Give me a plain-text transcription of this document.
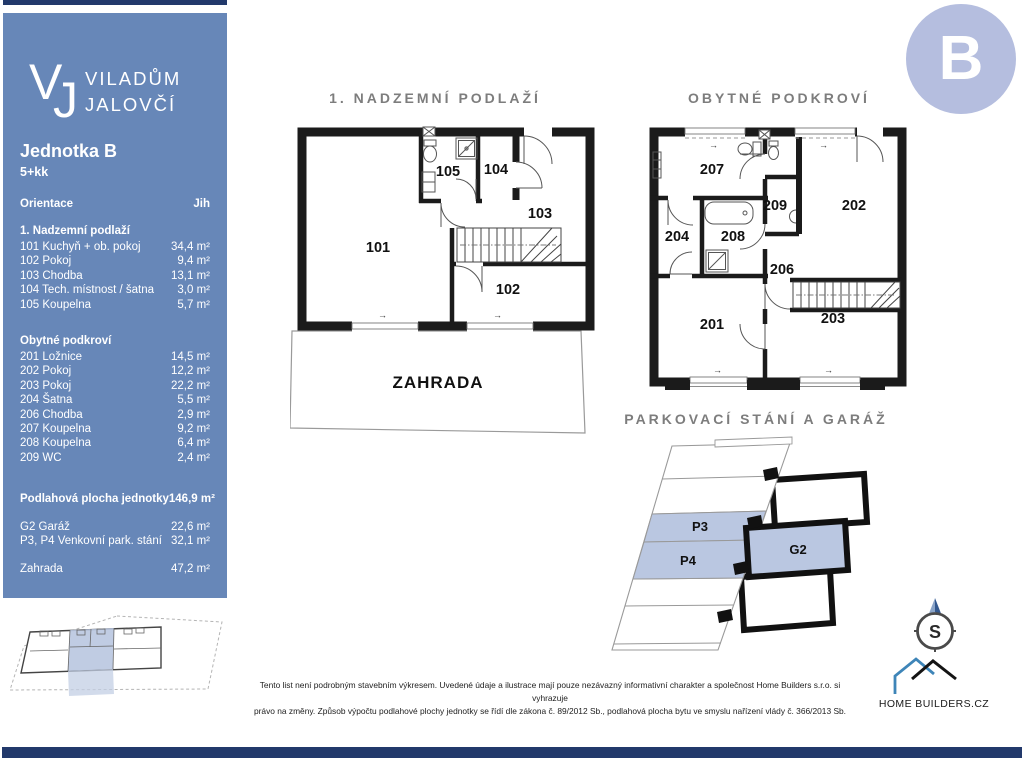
V
J VILADŮM
JALOVČÍ
Jednotka B
5+kk
Orientace	Jih
1. Nadzemní podlaží
101 Kuchyň + ob. pokoj	34,4 m²
102 Pokoj	9,4 m²
103 Chodba	13,1 m²
104 Tech. místnost / šatna 3,0 m²
105 Koupelna	5,7 m²
Obytné podkroví
201 Ložnice	14,5 m²
202 Pokoj	12,2 m²
203 Pokoj	22,2 m²
204 Šatna	5,5 m²
206 Chodba	2,9 m²
207 Koupelna	9,2 m²
208 Koupelna	6,4 m²
209 WC	2,4 m²
Podlahová plocha jednotky 146,9 m²
G2 Garáž	22,6 m²
P3, P4 Venkovní park. stání 32,1 m²
Zahrada	47,2 m²
B
1. NADZEMNÍ PODLAŽÍ	OBYTNÉ PODKROVÍ
PARKOVACÍ STÁNÍ A GARÁŽ
ZAHRADA
→	→
101
102
103
104
105
→	→
→	→
207
204 208
209
206
202
201	203
P3
P4
G2
S
HOME BUILDERS.CZ
Tento list není podrobným stavebním výkresem. Uvedené údaje a ilustrace mají pouze nezávazný informativní charakter a společnost Home Builders s.r.o. si vyhrazuje
právo na změny. Způsob výpočtu podlahové plochy jednotky se řídí dle zákona č. 89/2012 Sb., podlahová plocha bytu ve smyslu nařízení vlády č. 366/2013 Sb.
